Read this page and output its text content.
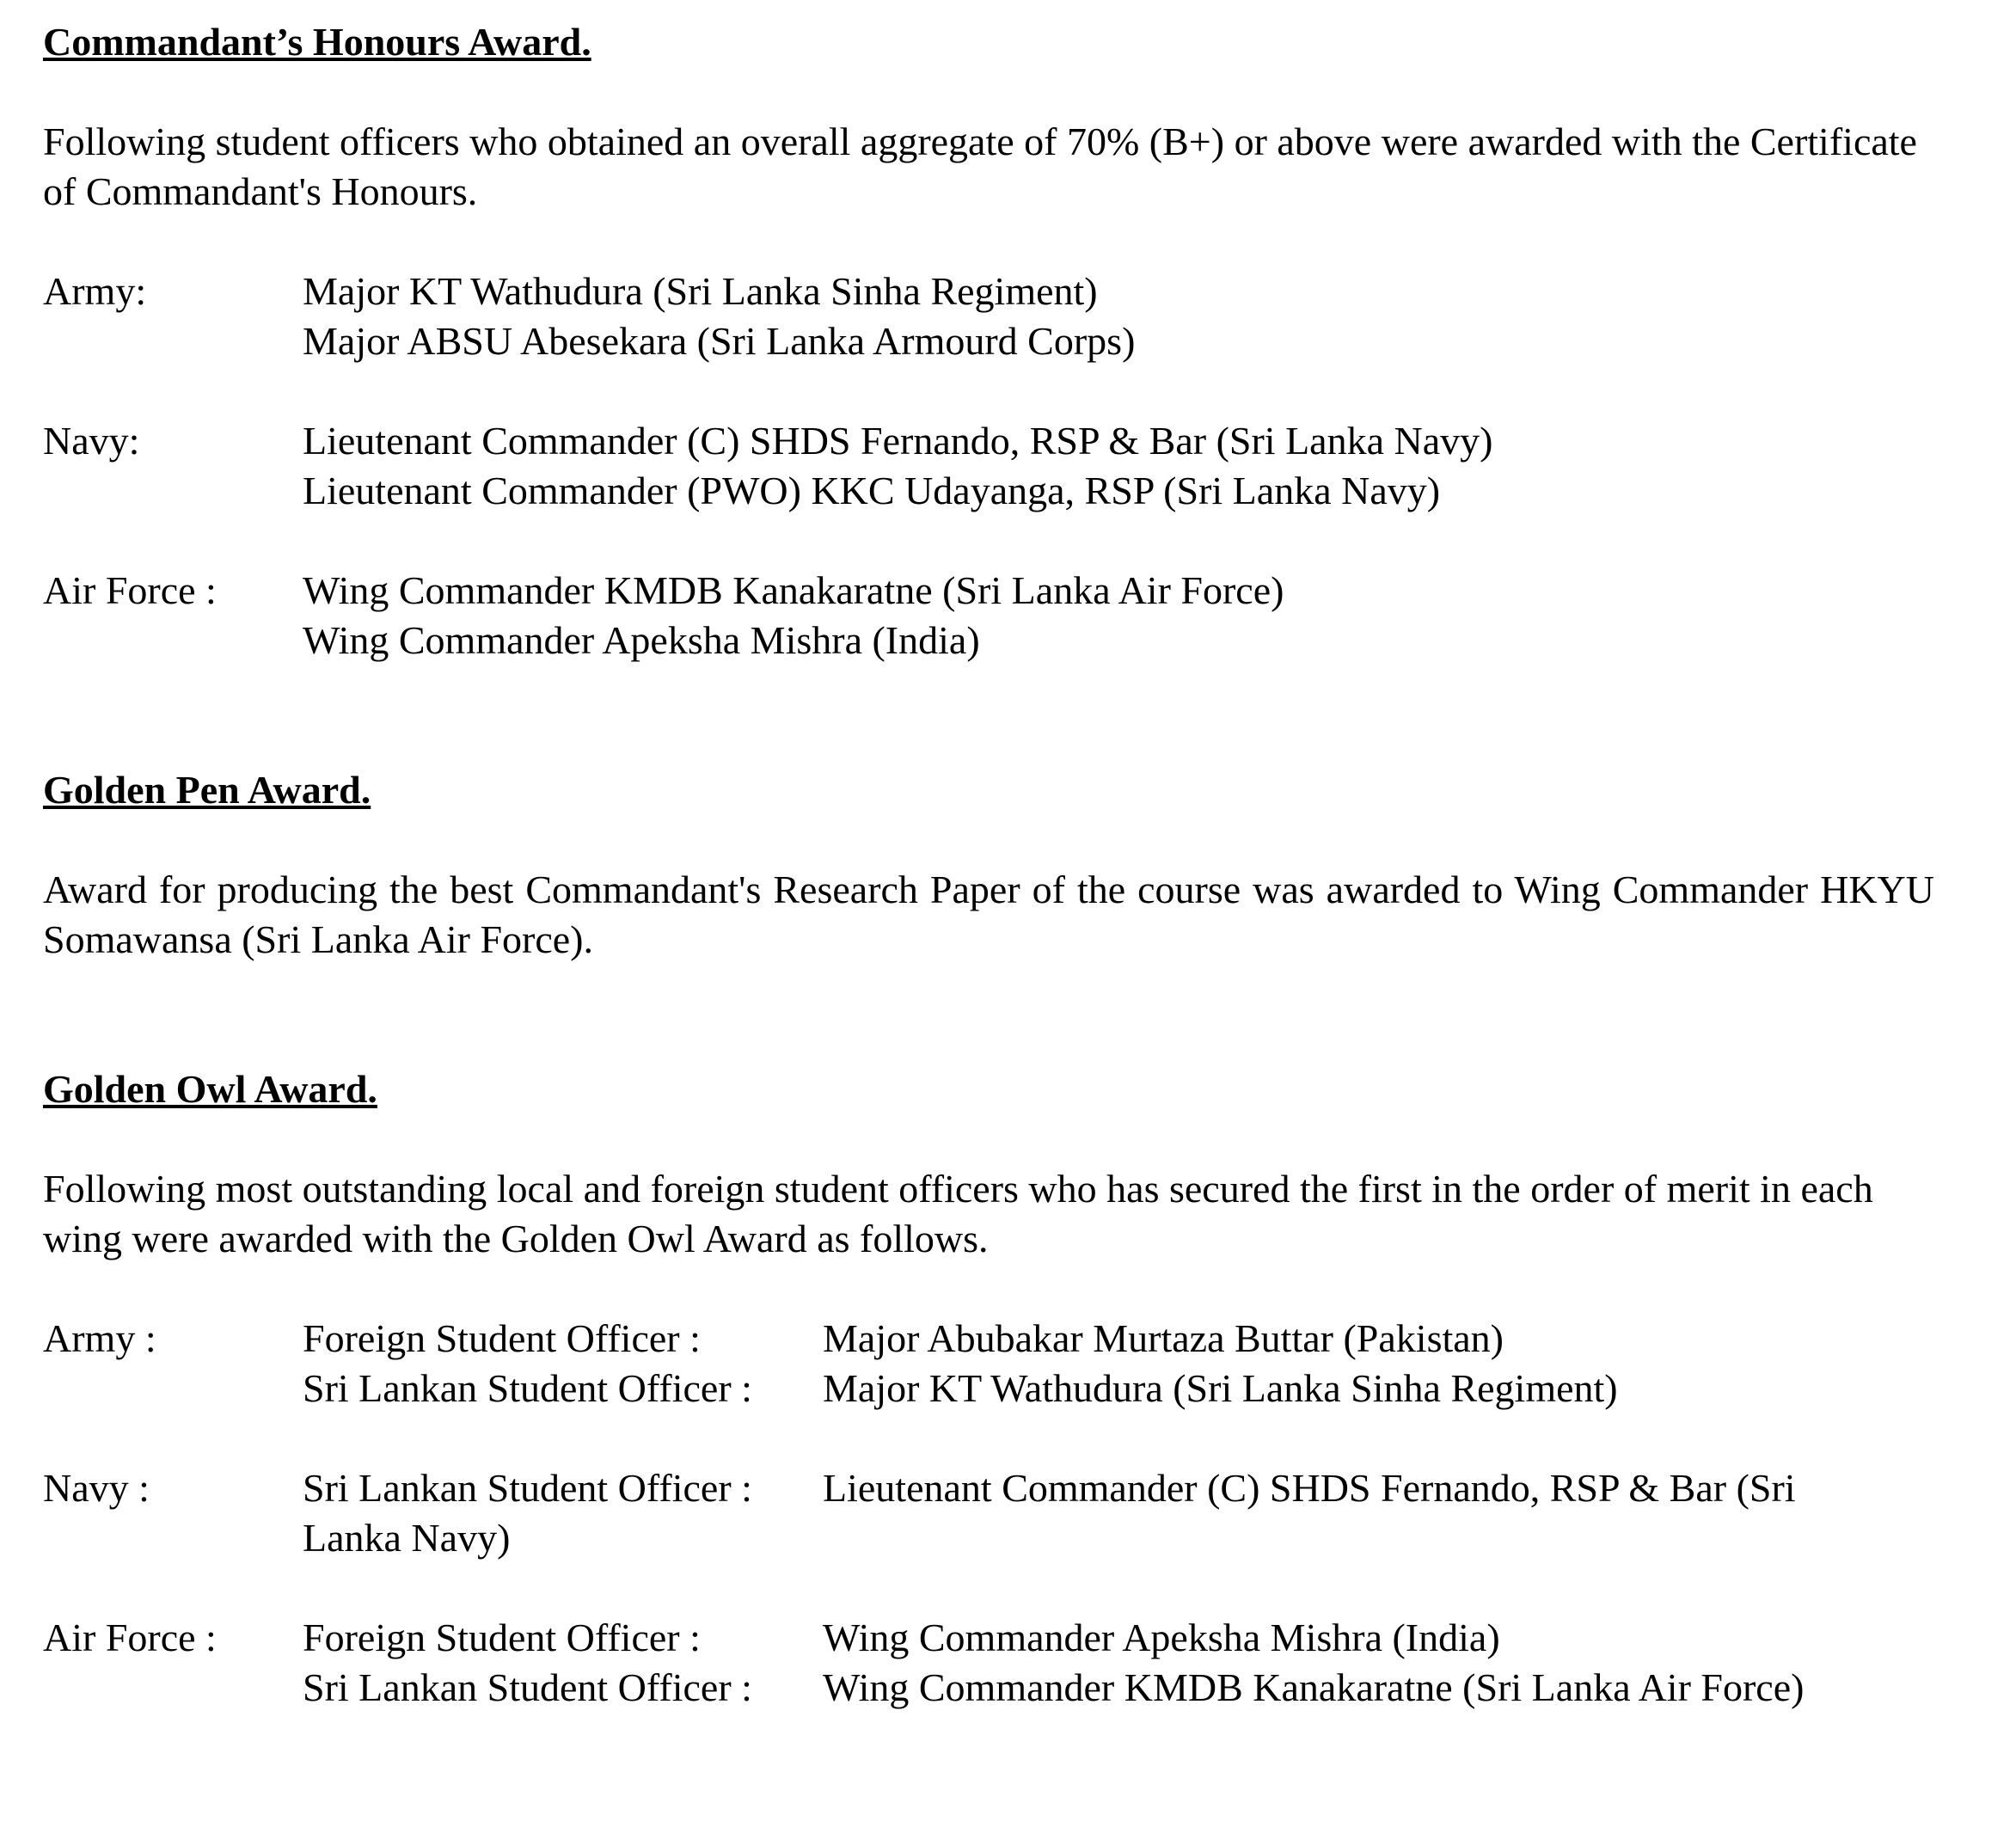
Commandant’s Honours Award.

Following student officers who obtained an overall aggregate of 70% (B+) or above were awarded with the Certificate of Commandant's Honours.

Army:	Major KT Wathudura (Sri Lanka Sinha Regiment)
Major ABSU Abesekara (Sri Lanka Armourd Corps)
Navy:	Lieutenant Commander (C) SHDS Fernando, RSP & Bar (Sri Lanka Navy)
Lieutenant Commander (PWO) KKC Udayanga, RSP (Sri Lanka Navy)
Air Force :	Wing Commander KMDB Kanakaratne (Sri Lanka Air Force)
Wing Commander Apeksha Mishra (India)
Golden Pen Award.

Award for producing the best Commandant's Research Paper of the course was awarded to Wing Commander HKYU Somawansa (Sri Lanka Air Force).

Golden Owl Award.

Following most outstanding local and foreign student officers who has secured the first in the order of merit in each wing were awarded with the Golden Owl Award as follows.

Army :	Foreign Student Officer :	Major Abubakar Murtaza Buttar (Pakistan)
Sri Lankan Student Officer :	Major KT Wathudura (Sri Lanka Sinha Regiment)
Navy :	Sri Lankan Student Officer :	Lieutenant Commander (C) SHDS Fernando, RSP & Bar (Sri
Lanka Navy)
Air Force :	Foreign Student Officer :	Wing Commander Apeksha Mishra (India)
Sri Lankan Student Officer :	Wing Commander KMDB Kanakaratne (Sri Lanka Air Force)
